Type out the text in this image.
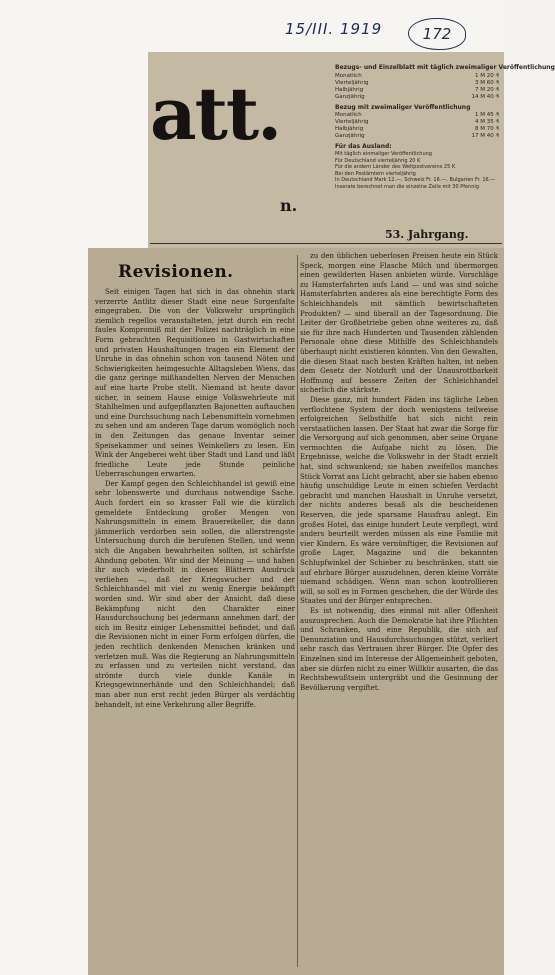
15/III. 1919	172
att.
n.
Bezugs- und Einzelblatt mit täglich zweimaliger Veröffentlichung
Monatlich	1 M 20 ₰
Vierteljährig	3 M 60 ₰
Halbjährig	7 M 20 ₰
Ganzjährig	14 M 40 ₰
Bezug mit zweimaliger Veröffentlichung
Monatlich	1 M 45 ₰
Vierteljährig	4 M 35 ₰
Halbjährig	8 M 70 ₰
Ganzjährig	17 M 40 ₰
Für das Ausland:
Mit täglich einmaliger Veröffentlichung
Für Deutschland vierteljährig 20 K
Für die andern Länder des Weltpostvereins 25 K
Bei den Postämtern vierteljährig
In Deutschland Mark 12.—, Schweiz Fr. 16.—, Bulgarien Fr. 16.—
Inserate berechnet man die einzelne Zeile mit 30 Pfennig
53. Jahrgang.
Revisionen.

Seit einigen Tagen hat sich in das ohnehin stark verzerrte Antlitz dieser Stadt eine neue Sorgenfalte eingegraben. Die von der Volkswehr ursprünglich ziemlich regellos veranstalteten, jetzt durch ein recht faules Kompromiß mit der Polizei nachträglich in eine Form gebrachten Requisitionen in Gastwirtschaften und privaten Haushaltungen tragen ein Element der Unruhe in das ohnehin schon von tausend Nöten und Schwierigkeiten heimgesuchte Alltagsleben Wiens, das die ganz geringe mißhandelten Nerven der Menschen auf eine harte Probe stellt. Niemand ist heute davor sicher, in seinem Hause einige Volkswehrleute mit Stahlhelmen und aufgepflanzten Bajonetten auftauchen und eine Durchsuchung nach Lebensmitteln vornehmen zu sehen und am anderen Tage darum womöglich noch in den Zeitungen das genaue Inventar seiner Speisekammer und seines Weinkellers zu lesen. Ein Wink der Angeberei weht über Stadt und Land und läßt friedliche Leute jede Stunde peinliche Ueberraschungen erwarten.

Der Kampf gegen den Schleichhandel ist gewiß eine sehr lobenswerte und durchaus notwendige Sache. Auch fordert ein so krasser Fall wie die kürzlich gemeldete Entdeckung großer Mengen von Nahrungsmitteln in einem Brauereikeller, die dann jämmerlich verdorben sein sollen, die allerstrengste Untersuchung durch die berufenen Stellen, und wenn sich die Angaben bewahrheiten sollten, ist schärfste Ahndung geboten. Wir sind der Meinung — und haben ihr auch wiederholt in diesen Blättern Ausdruck verliehen —, daß der Kriegswucher und der Schleichhandel mit viel zu wenig Energie bekämpft worden sind. Wir sind aber der Ansicht, daß diese Bekämpfung nicht den Charakter einer Hausdurchsuchung bei jedermann annehmen darf, der sich im Besitz einiger Lebensmittel befindet, und daß die Revisionen nicht in einer Form erfolgen dürfen, die jeden rechtlich denkenden Menschen kränken und verletzen muß. Was die Regierung an Nahrungsmitteln zu erfassen und zu verteilen nicht verstand, das strömte durch viele dunkle Kanäle in Kriegsgewinnerhände und den Schleichhandel; daß man aber nun erst recht jeden Bürger als verdächtig behandelt, ist eine Verkehrung aller Begriffe.

zu den üblichen ueberlosen Preisen heute ein Stück Speck, morgen eine Flasche Milch und übermorgen einen gewilderten Hasen anbieten würde. Vorschläge zu Hamsterfahrten aufs Land — und was sind solche Hamsterfahrten anderes als eine berechtigte Form des Schleichhandels mit sämtlich bewirtschafteten Produkten? — sind überall an der Tagesordnung. Die Leiter der Großbetriebe geben ohne weiteres zu, daß sie für ihre nach Hunderten und Tausenden zählenden Personale ohne diese Mithilfe des Schleichhandels überhaupt nicht existieren könnten. Von den Gewalten, die diesen Staat nach besten Kräften halten, ist neben dem Gesetz der Notdurft und der Unausrottbarkeit Hoffnung auf bessere Zeiten der Schleichhandel sicherlich die stärkste.

Diese ganz, mit hundert Fäden ins tägliche Leben verflochtene System der doch wenigstens teilweise erfolgreichen Selbsthilfe hat sich nicht rein verstaatlichen lassen. Der Staat hat zwar die Sorge für die Versorgung auf sich genommen, aber seine Organe vermochten die Aufgabe nicht zu lösen. Die Ergebnisse, welche die Volkswehr in der Stadt erzielt hat, sind schwankend; sie haben zweifellos manches Stück Vorrat ans Licht gebracht, aber sie haben ebenso häufig unschuldige Leute in einen schiefen Verdacht gebracht und manchen Haushalt in Unruhe versetzt, der nichts anderes besaß als die bescheidenen Reserven, die jede sparsame Hausfrau anlegt. Ein großes Hotel, das einige hundert Leute verpflegt, wird anders beurteilt werden müssen als eine Familie mit vier Kindern. Es wäre vernünftiger, die Revisionen auf große Lager, Magazine und die bekannten Schlupfwinkel der Schieber zu beschränken, statt sie auf ehrbare Bürger auszudehnen, deren kleine Vorräte niemand schädigen. Wenn man schon kontrollieren will, so soll es in Formen geschehen, die der Würde des Staates und der Bürger entsprechen.

Es ist notwendig, dies einmal mit aller Offenheit auszusprechen. Auch die Demokratie hat ihre Pflichten und Schranken, und eine Republik, die sich auf Denunziation und Hausdurchsuchungen stützt, verliert sehr rasch das Vertrauen ihrer Bürger. Die Opfer des Einzelnen sind im Interesse der Allgemeinheit geboten, aber sie dürfen nicht zu einer Willkür ausarten, die das Rechtsbewußtsein untergräbt und die Gesinnung der Bevölkerung vergiftet.
